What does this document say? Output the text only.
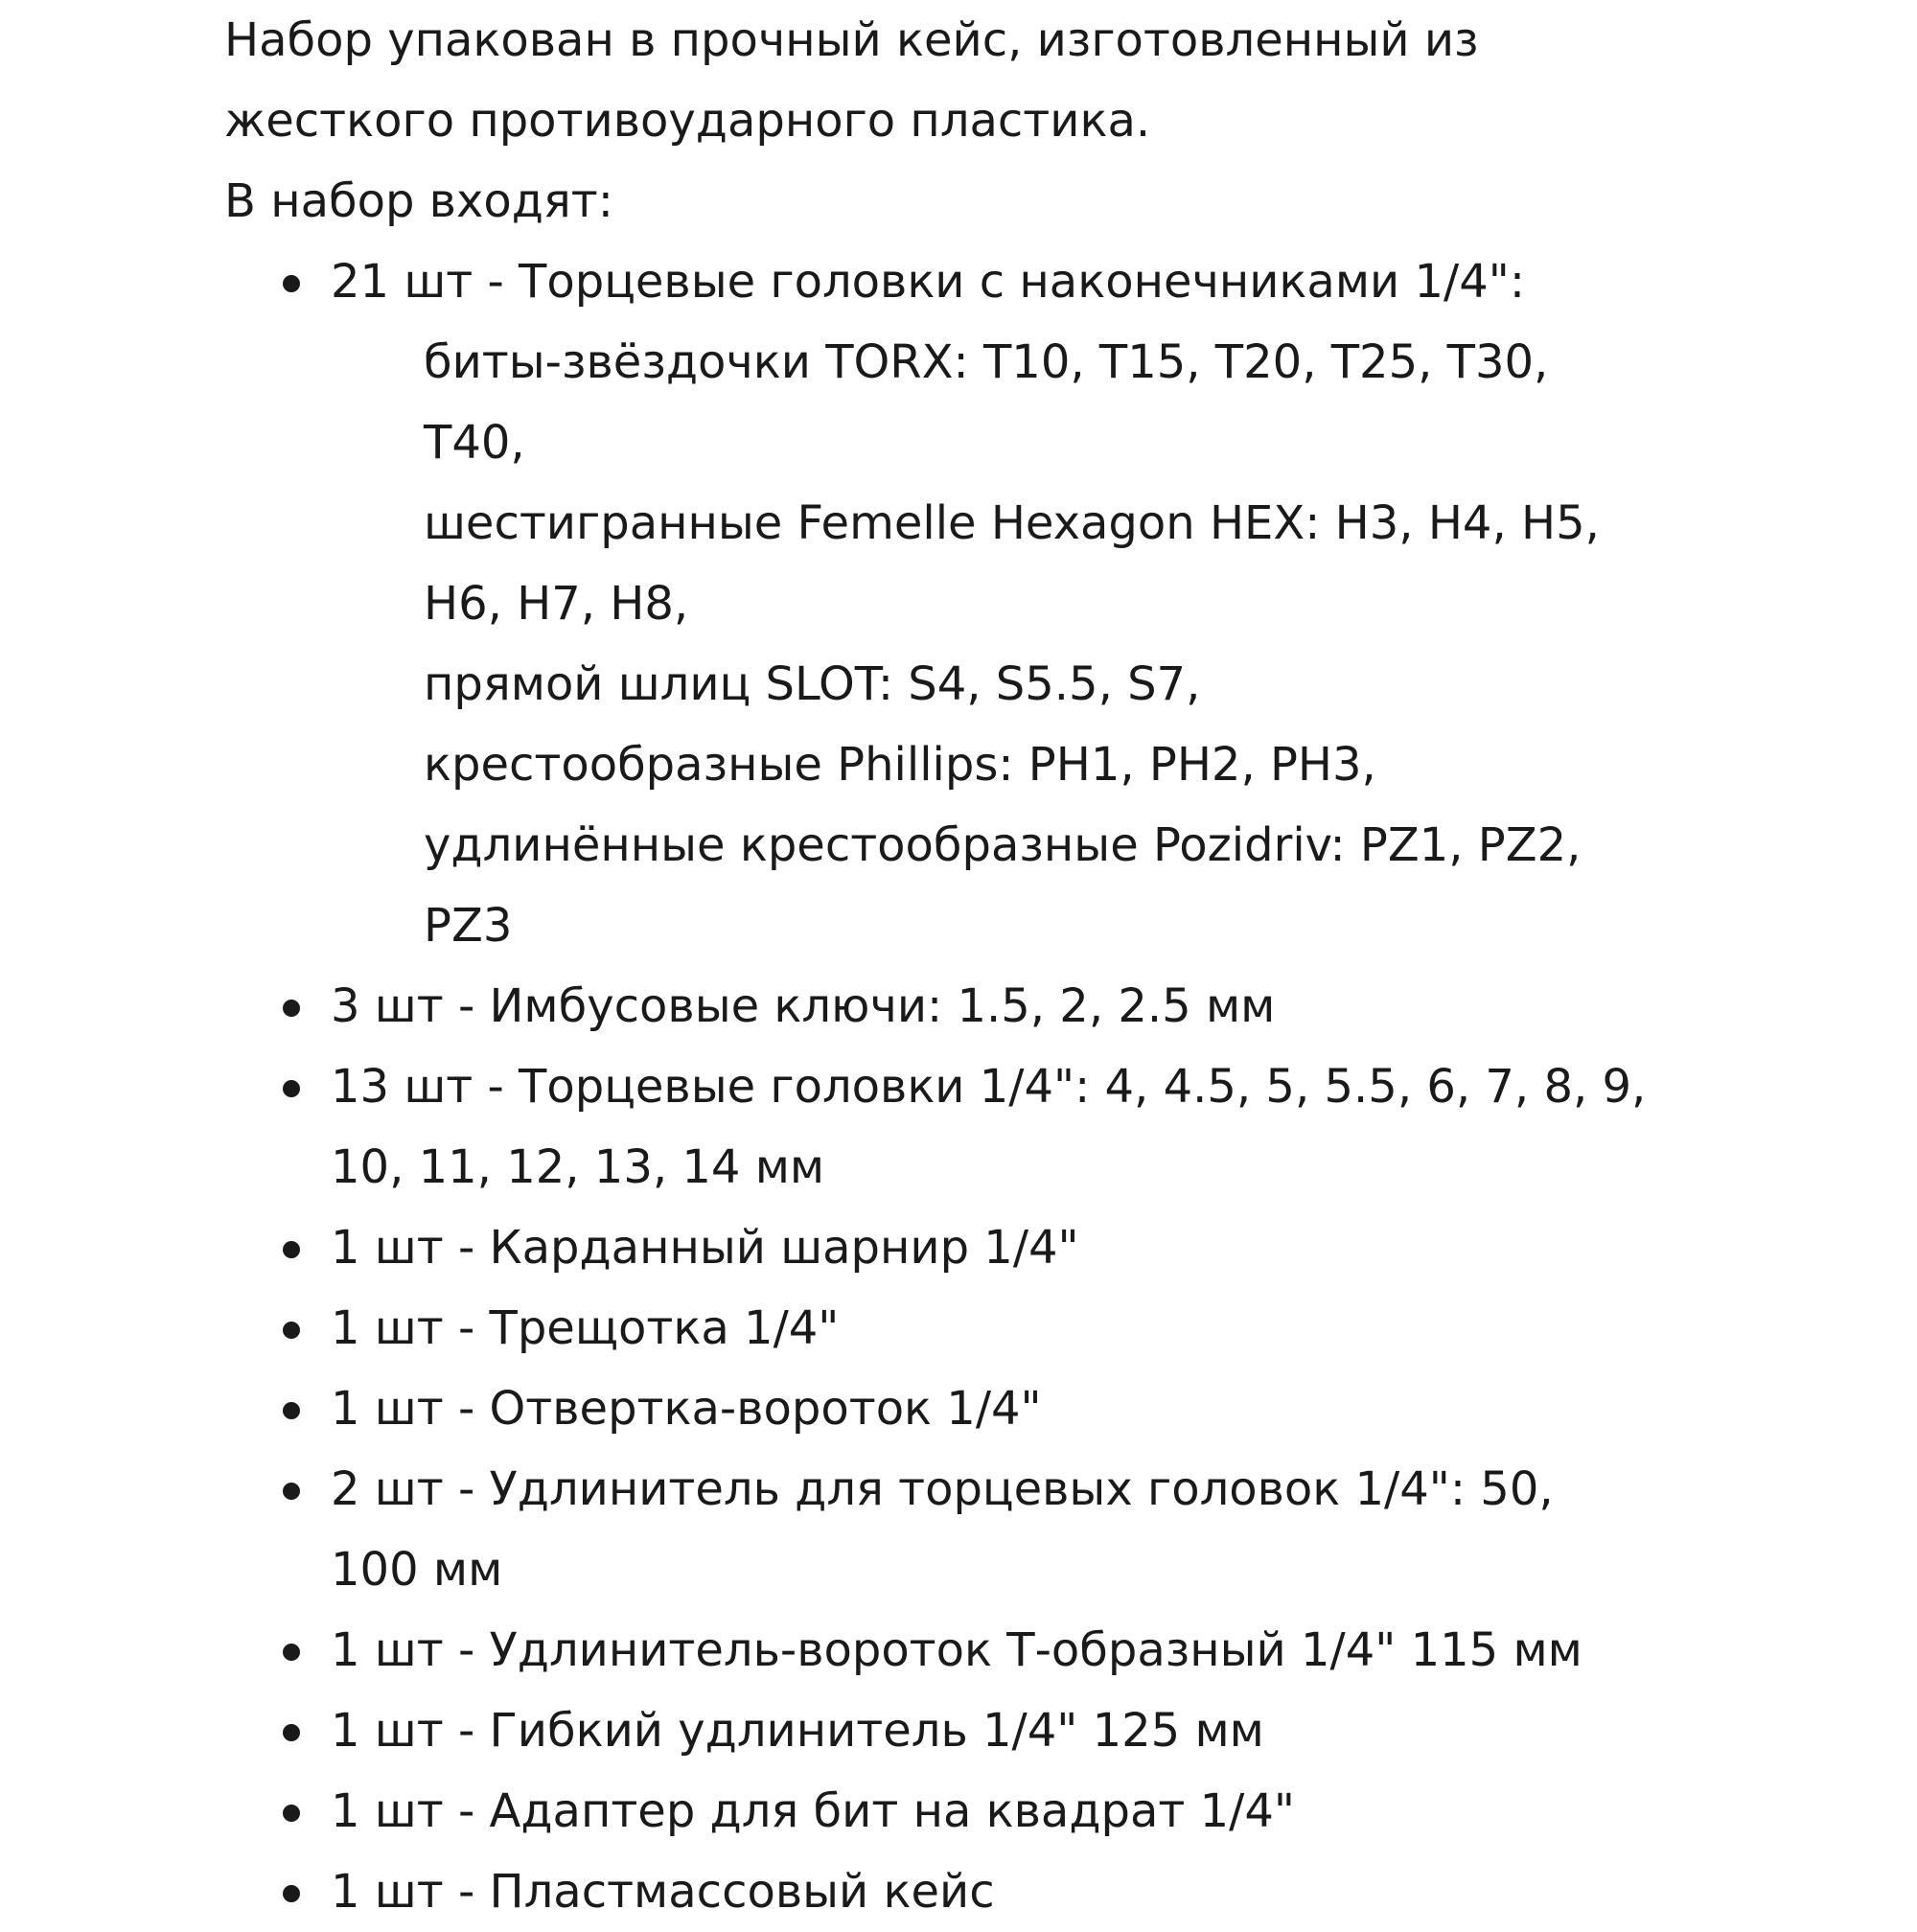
Набор упакован в прочный кейс, изготовленный из
жесткого противоударного пластика.
В набор входят:
21 шт - Торцевые головки с наконечниками 1/4":
биты-звёздочки TORX: T10, T15, T20, T25, T30,
T40,
шестигранные Femelle Hexagon HEX: H3, H4, H5,
H6, H7, H8,
прямой шлиц SLOT: S4, S5.5, S7,
крестообразные Phillips: PH1, PH2, PH3,
удлинённые крестообразные Pozidriv: PZ1, PZ2,
PZ3
3 шт - Имбусовые ключи: 1.5, 2, 2.5 мм
13 шт - Торцевые головки 1/4": 4, 4.5, 5, 5.5, 6, 7, 8, 9,
10, 11, 12, 13, 14 мм
1 шт - Карданный шарнир 1/4"
1 шт - Трещотка 1/4"
1 шт - Отвертка-вороток 1/4"
2 шт - Удлинитель для торцевых головок 1/4": 50,
100 мм
1 шт - Удлинитель-вороток Т-образный 1/4" 115 мм
1 шт - Гибкий удлинитель 1/4" 125 мм
1 шт - Адаптер для бит на квадрат 1/4"
1 шт - Пластмассовый кейс
